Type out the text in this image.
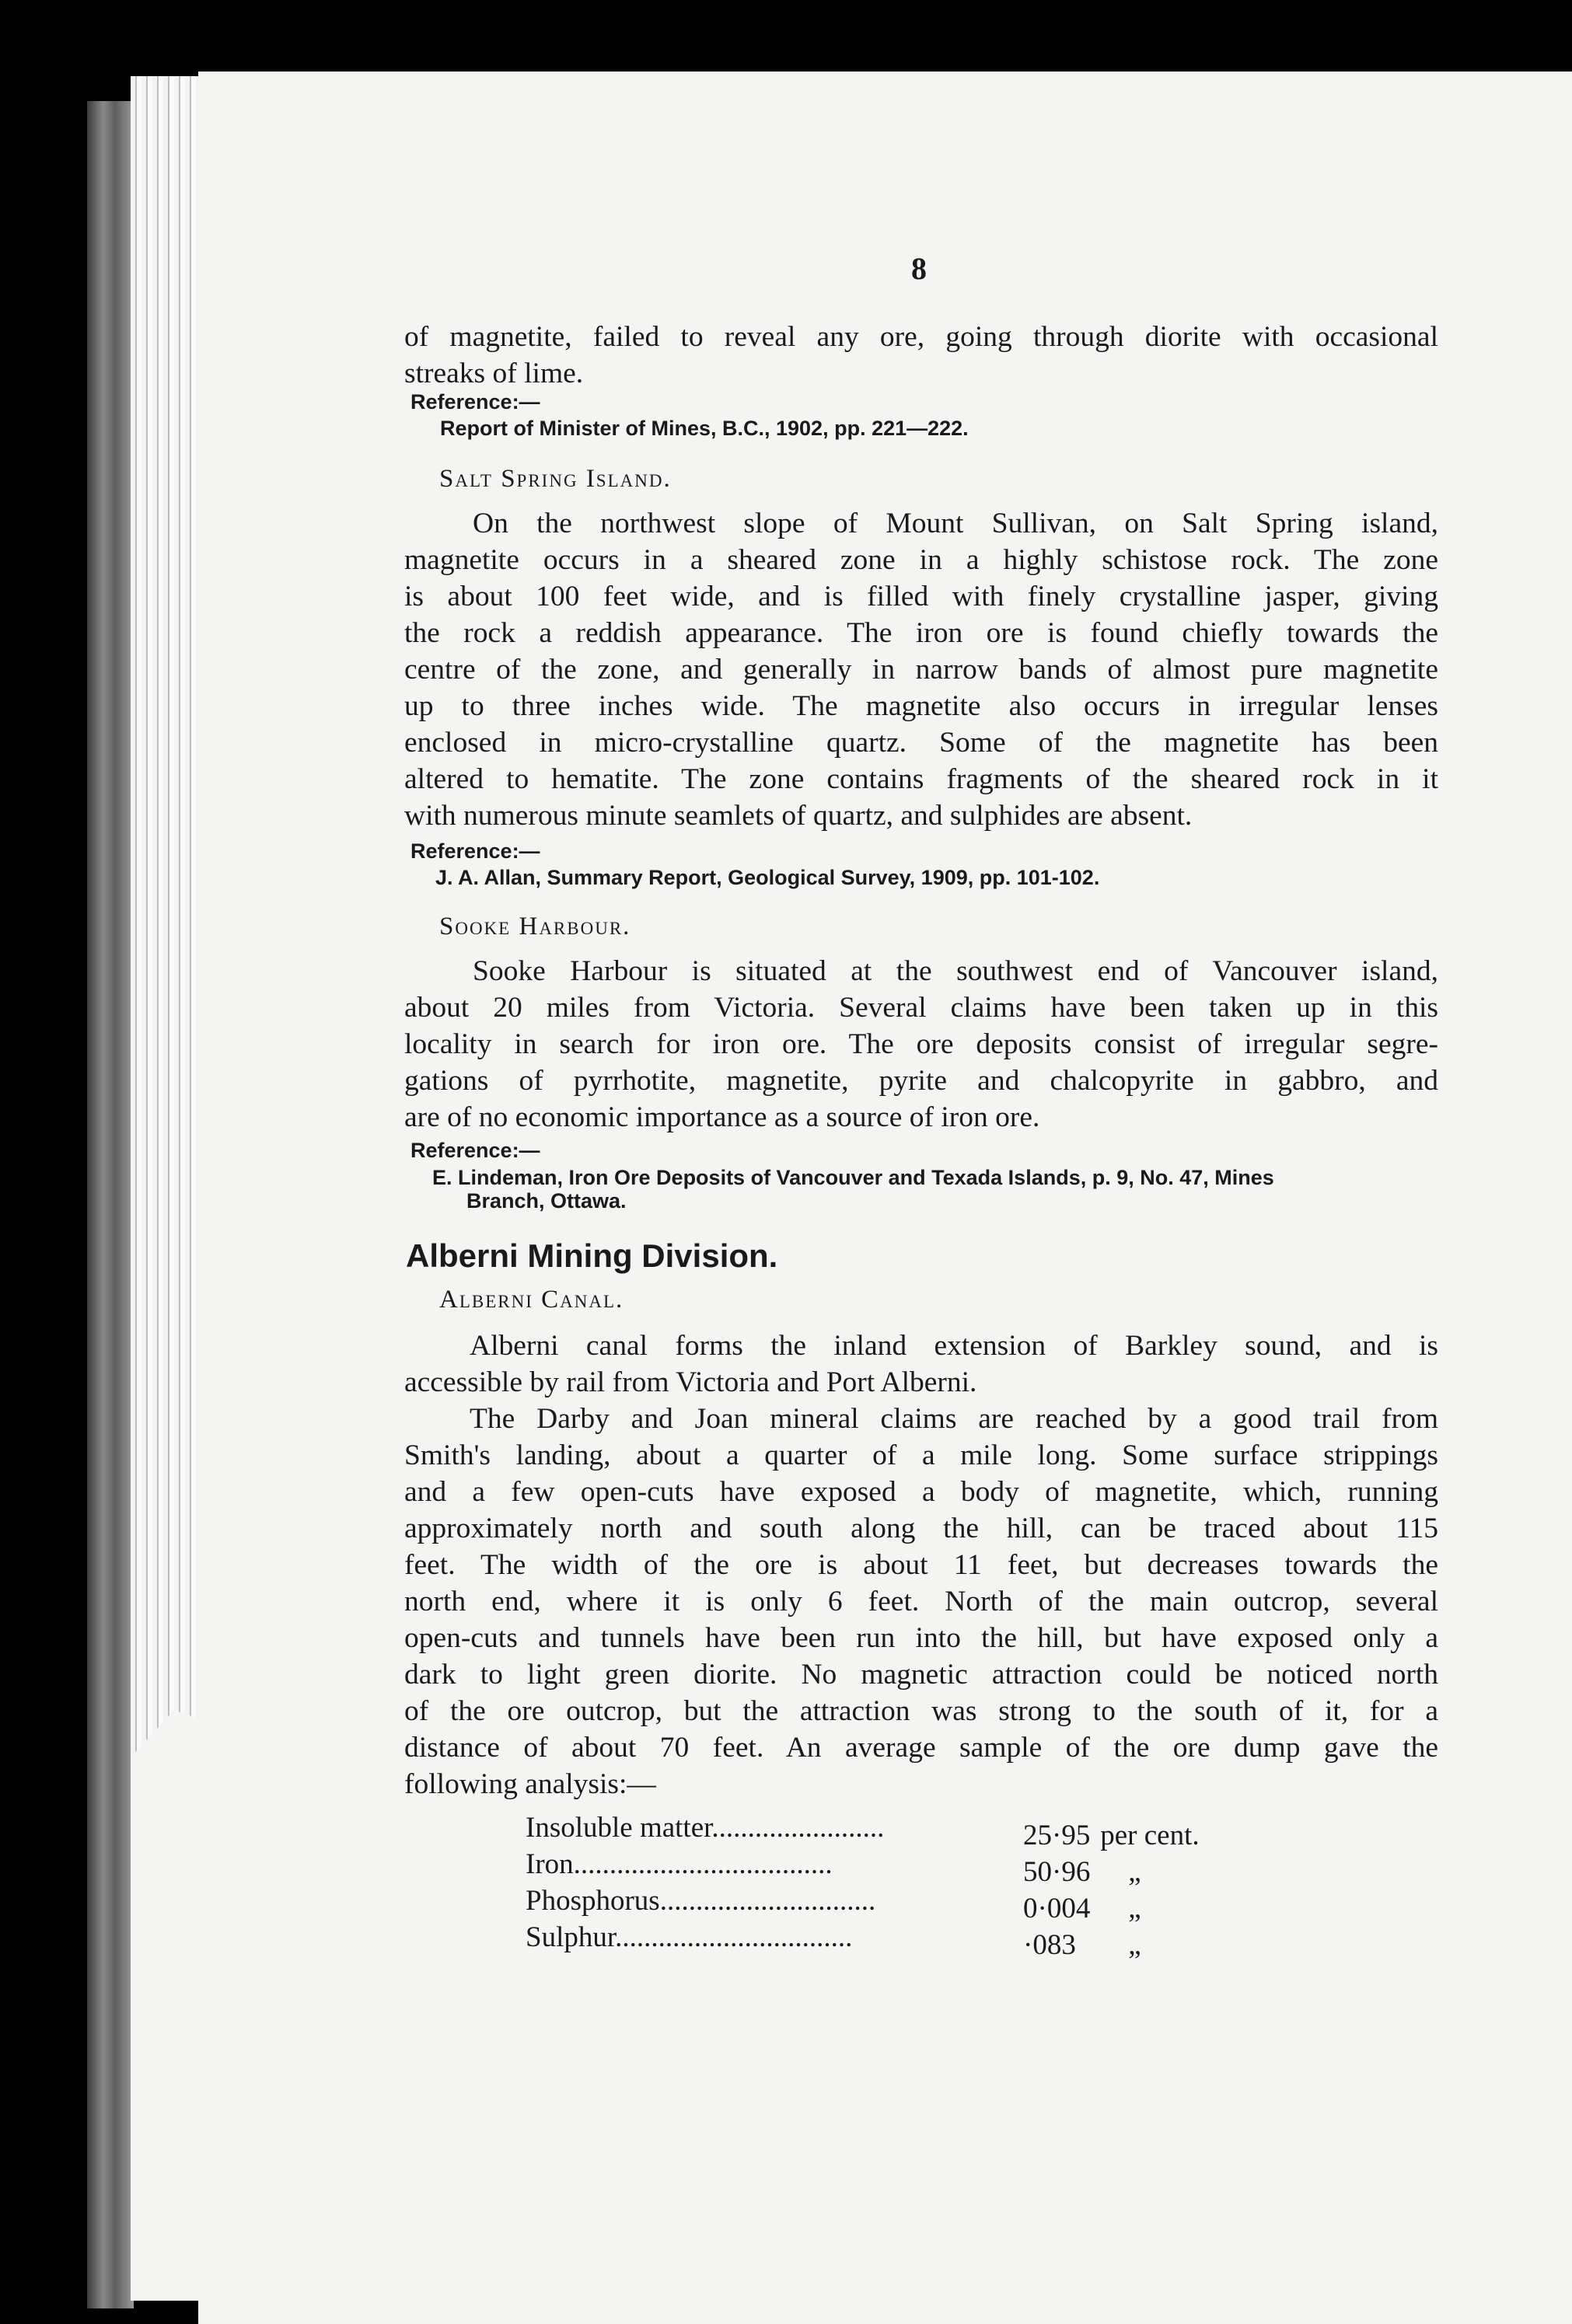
8
of magnetite, failed to reveal any ore, going through diorite with occasional
streaks of lime.
Reference:—
Report of Minister of Mines, B.C., 1902, pp. 221—222.
Salt Spring Island.
On the northwest slope of Mount Sullivan, on Salt Spring island,
magnetite occurs in a sheared zone in a highly schistose rock. The zone
is about 100 feet wide, and is filled with finely crystalline jasper, giving
the rock a reddish appearance. The iron ore is found chiefly towards the
centre of the zone, and generally in narrow bands of almost pure magnetite
up to three inches wide. The magnetite also occurs in irregular lenses
enclosed in micro-crystalline quartz. Some of the magnetite has been
altered to hematite. The zone contains fragments of the sheared rock in it
with numerous minute seamlets of quartz, and sulphides are absent.
Reference:—
J. A. Allan, Summary Report, Geological Survey, 1909, pp. 101-102.
Sooke Harbour.
Sooke Harbour is situated at the southwest end of Vancouver island,
about 20 miles from Victoria. Several claims have been taken up in this
locality in search for iron ore. The ore deposits consist of irregular segre-
gations of pyrrhotite, magnetite, pyrite and chalcopyrite in gabbro, and
are of no economic importance as a source of iron ore.
Reference:—
E. Lindeman, Iron Ore Deposits of Vancouver and Texada Islands, p. 9, No. 47, Mines
Branch, Ottawa.
Alberni Mining Division.
Alberni Canal.
Alberni canal forms the inland extension of Barkley sound, and is
accessible by rail from Victoria and Port Alberni.
The Darby and Joan mineral claims are reached by a good trail from
Smith's landing, about a quarter of a mile long. Some surface strippings
and a few open-cuts have exposed a body of magnetite, which, running
approximately north and south along the hill, can be traced about 115
feet. The width of the ore is about 11 feet, but decreases towards the
north end, where it is only 6 feet. North of the main outcrop, several
open-cuts and tunnels have been run into the hill, but have exposed only a
dark to light green diorite. No magnetic attraction could be noticed north
of the ore outcrop, but the attraction was strong to the south of it, for a
distance of about 70 feet. An average sample of the ore dump gave the
following analysis:—
Insoluble matter........................	25·95 per cent.
Iron....................................	50·96 „
Phosphorus..............................	0·004 „
Sulphur.................................	·083 „
